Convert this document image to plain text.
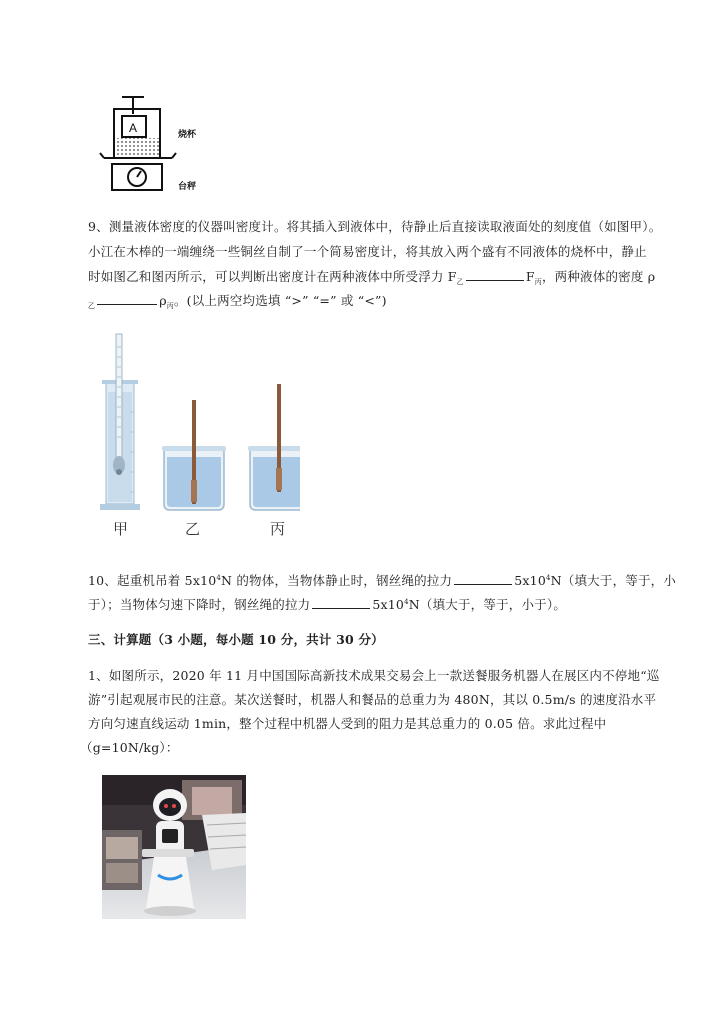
A	烧杯
台秤
9、测量液体密度的仪器叫密度计。将其插入到液体中，待静止后直接读取液面处的刻度值（如图甲）。
小江在木棒的一端缠绕一些铜丝自制了一个简易密度计，将其放入两个盛有不同液体的烧杯中，静止
时如图乙和图丙所示，可以判断出密度计在两种液体中所受浮力 $F_乙$	$F_丙$，两种液体的密度 ρ
$_乙$	$\rho_丙$。(以上两空均选填 “>” “=” 或 “<”)
甲	乙	丙
10、起重机吊着 $5x10^4N$ 的物体，当物体静止时，钢丝绳的拉力	$5x10^4N$（填大于，等于，小
于）；当物体匀速下降时，钢丝绳的拉力	$5x10^4N$（填大于，等于，小于）。
三、计算题（3 小题，每小题 10 分，共计 30 分）
1、如图所示，2020 年 11 月中国国际高新技术成果交易会上一款送餐服务机器人在展区内不停地“巡
游”引起观展市民的注意。某次送餐时，机器人和餐品的总重力为 480N，其以 0.5m/s 的速度沿水平
方向匀速直线运动 1min，整个过程中机器人受到的阻力是其总重力的 0.05 倍。求此过程中
（g=10N/kg）：
